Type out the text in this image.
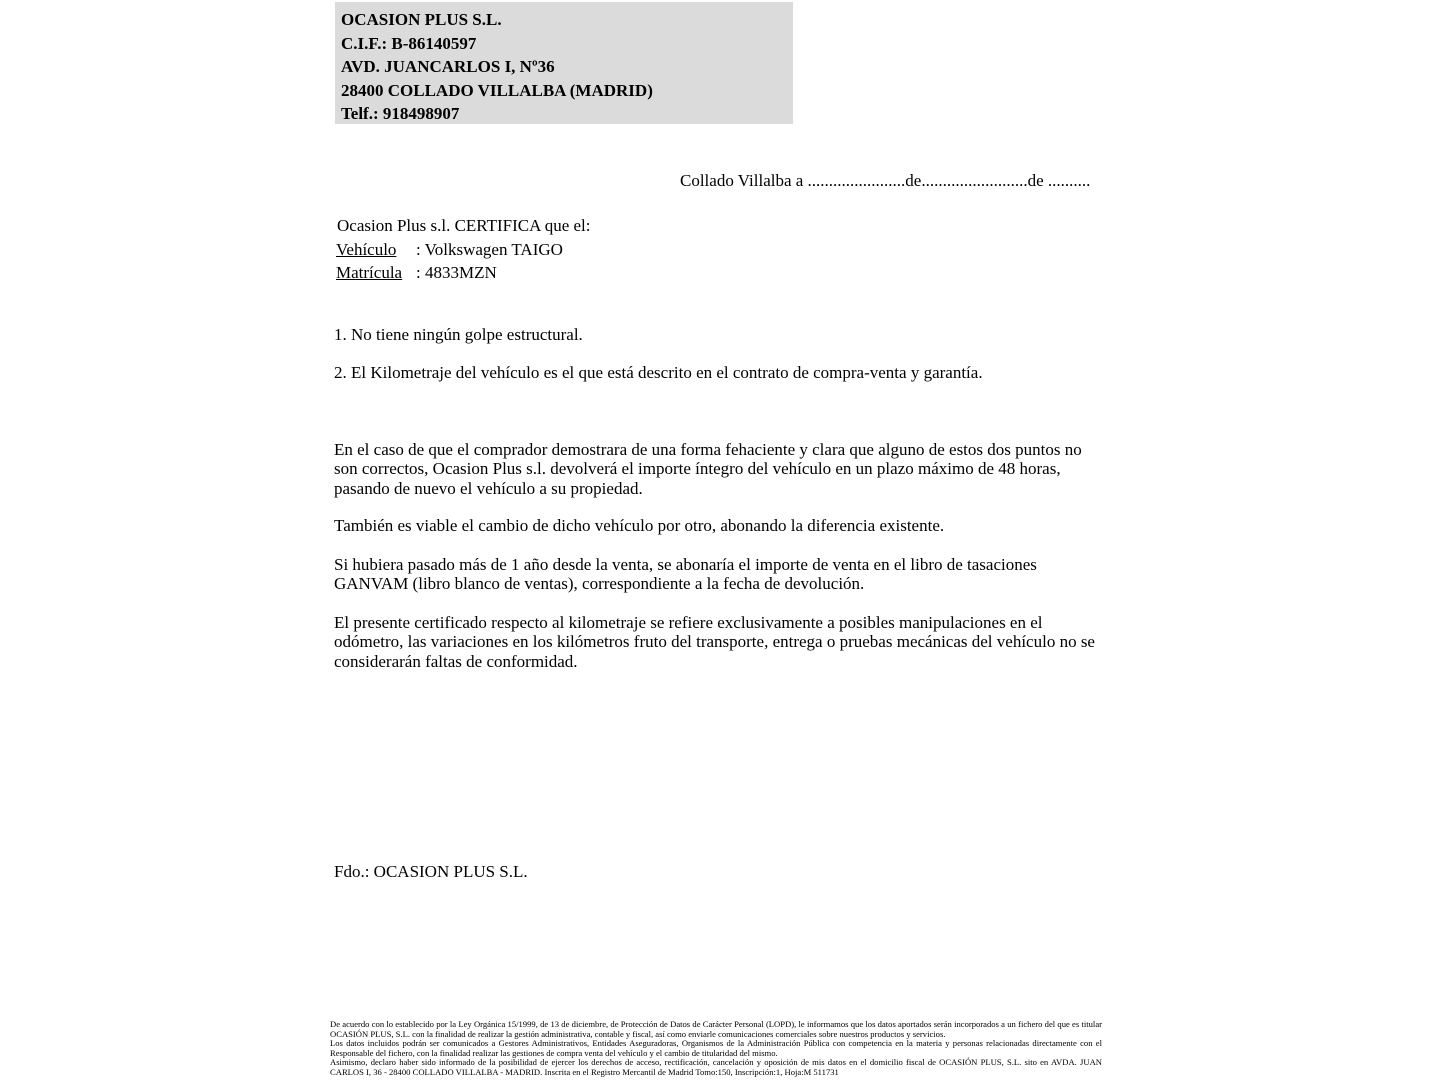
OCASION PLUS S.L.
C.I.F.: B-86140597
AVD. JUANCARLOS I, Nº36
28400 COLLADO VILLALBA (MADRID)
Telf.: 918498907
Collado Villalba a .......................de.........................de ..........
Ocasion Plus s.l. CERTIFICA que el:
Vehículo : Volkswagen TAIGO
Matrícula : 4833MZN
1. No tiene ningún golpe estructural.
2. El Kilometraje del vehículo es el que está descrito en el contrato de compra-venta y garantía.
En el caso de que el comprador demostrara de una forma fehaciente y clara que alguno de estos dos puntos no son correctos, Ocasion Plus s.l. devolverá el importe íntegro del vehículo en un plazo máximo de 48 horas, pasando de nuevo el vehículo a su propiedad.
También es viable el cambio de dicho vehículo por otro, abonando la diferencia existente.
Si hubiera pasado más de 1 año desde la venta, se abonaría el importe de venta en el libro de tasaciones GANVAM (libro blanco de ventas), correspondiente a la fecha de devolución.
El presente certificado respecto al kilometraje se refiere exclusivamente a posibles manipulaciones en el odómetro, las variaciones en los kilómetros fruto del transporte, entrega o pruebas mecánicas del vehículo no se considerarán faltas de conformidad.
Fdo.: OCASION PLUS S.L.
De acuerdo con lo establecido por la Ley Orgánica 15/1999, de 13 de diciembre, de Protección de Datos de Carácter Personal (LOPD), le informamos que los datos aportados serán incorporados a un fichero del que es titular OCASIÓN PLUS, S.L. con la finalidad de realizar la gestión administrativa, contable y fiscal, así como enviarle comunicaciones comerciales sobre nuestros productos y servicios.
Los datos incluidos podrán ser comunicados a Gestores Administrativos, Entidades Aseguradoras, Organismos de la Administración Pública con competencia en la materia y personas relacionadas directamente con el Responsable del fichero, con la finalidad realizar las gestiones de compra venta del vehículo y el cambio de titularidad del mismo.
Asimismo, declaro haber sido informado de la posibilidad de ejercer los derechos de acceso, rectificación, cancelación y oposición de mis datos en el domicilio fiscal de OCASIÓN PLUS, S.L. sito en AVDA. JUAN CARLOS I, 36 - 28400 COLLADO VILLALBA - MADRID. Inscrita en el Registro Mercantil de Madrid Tomo:150, Inscripción:1, Hoja:M 511731
